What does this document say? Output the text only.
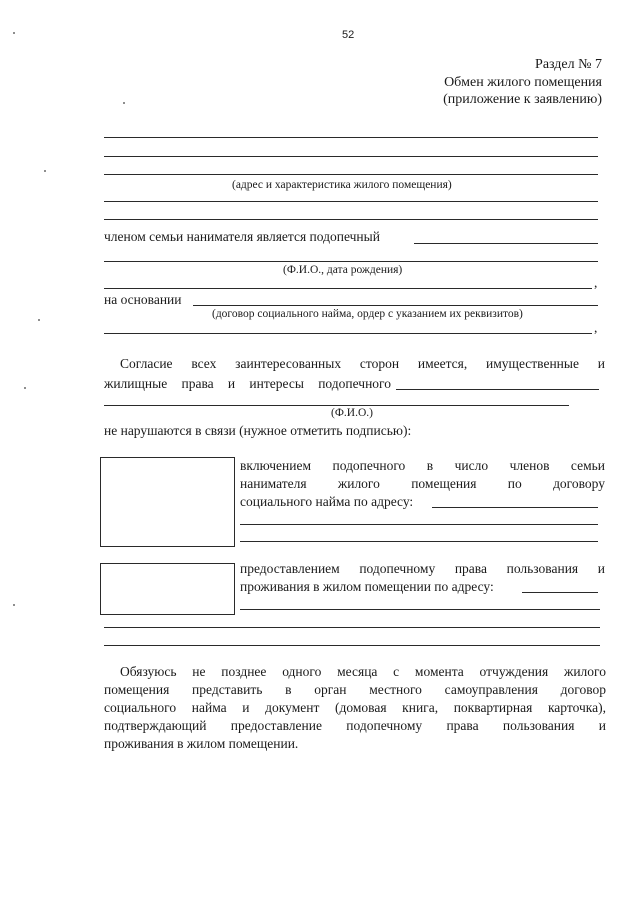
52
Раздел № 7
Обмен жилого помещения
(приложение к заявлению)
(адрес и характеристика жилого помещения)
членом семьи нанимателя является подопечный
(Ф.И.О., дата рождения)
,
на основании
(договор социального найма, ордер с указанием их реквизитов)
,
Согласие всех заинтересованных сторон имеется, имущественные и
жилищные права и интересы подопечного
(Ф.И.О.)
не нарушаются в связи (нужное отметить подписью):
включением подопечного в число членов семьи
нанимателя жилого помещения по договору
социального найма по адресу:
предоставлением подопечному права пользования и
проживания в жилом помещении по адресу:
Обязуюсь не позднее одного месяца с момента отчуждения жилого
помещения представить в орган местного самоуправления договор
социального найма и документ (домовая книга, поквартирная карточка),
подтверждающий предоставление подопечному права пользования и
проживания в жилом помещении.
